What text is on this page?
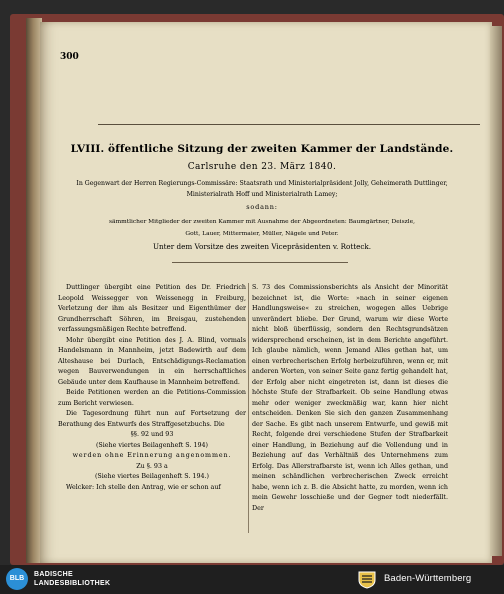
300
LVIII. öffentliche Sitzung der zweiten Kammer der Landstände.
Carlsruhe den 23. März 1840.
In Gegenwart der Herren Regierungs-Commissäre: Staatsrath und Ministerialpräsident Jolly, Geheimerath Duttlinger,
Ministerialrath Hoff und Ministerialrath Lamey;
sodann:
sämmtlicher Mitglieder der zweiten Kammer mit Ausnahme der Abgeordneten: Baumgärtner, Deiszle,
Gott, Lauer, Mittermaier, Müller, Nägele und Peter.
Unter dem Vorsitze des zweiten Vicepräsidenten v. Rotteck.

Duttlinger übergibt eine Petition des Dr. Friedrich Leopold Weissegger von Weissenegg in Freiburg, Verletzung der ihm als Besitzer und Eigenthümer der Grundherrschaft Söhren, im Breisgau, zustehenden verfassungsmäßigen Rechte betreffend.

Mohr übergibt eine Petition des J. A. Blind, vormals Handelsmann in Mannheim, jetzt Badewirth auf dem Alteshause bei Durlach, Entschädigungs-Reclamation wegen Bauverwendungen in ein herrschaftliches Gebäude unter dem Kaufhause in Mannheim betreffend.

Beide Petitionen werden an die Petitions-Commission zum Bericht verwiesen.

Die Tagesordnung führt nun auf Fortsetzung der Berathung des Entwurfs des Straffgesetzbuchs. Die

§§. 92 und 93

(Siehe viertes Beilagenheft S. 194)

werden ohne Erinnerung angenommen.

Zu §. 93 a

(Siehe viertes Beilagenheft S. 194.)

Welcker: Ich stelle den Antrag, wie er schon auf

S. 73 des Commissionsberichts als Ansicht der Minorität bezeichnet ist, die Worte: »nach in seiner eigenen Handlungsweise« zu streichen, wogegen alles Uebrige unverändert bliebe. Der Grund, warum wir diese Worte nicht bloß überflüssig, sondern den Rechtsgrundsätzen widersprechend erscheinen, ist in dem Berichte angeführt. Ich glaube nämlich, wenn Jemand Alles gethan hat, um einen verbrecherischen Erfolg herbeizuführen, wenn er, mit anderen Worten, von seiner Seite ganz fertig gehandelt hat, der Erfolg aber nicht eingetreten ist, dann ist dieses die höchste Stufe der Strafbarkeit. Ob seine Handlung etwas mehr oder weniger zweckmäßig war, kann hier nicht entscheiden. Denken Sie sich den ganzen Zusammenhang der Sache. Es gibt nach unserem Entwurfe, und gewiß mit Recht, folgende drei verschiedene Stufen der Strafbarkeit einer Handlung, in Beziehung auf die Vollendung und in Beziehung auf das Verhältniß des Unternehmens zum Erfolg. Das Allerstrafbarste ist, wenn ich Alles gethan, und meinen schändlichen verbrecherischen Zweck erreicht habe, wenn ich z. B. die Absicht hatte, zu morden, wenn ich mein Gewehr losschieße und der Gegner todt niederfällt. Der

BLB
BADISCHE
LANDESBIBLIOTHEK	Baden-Württemberg
